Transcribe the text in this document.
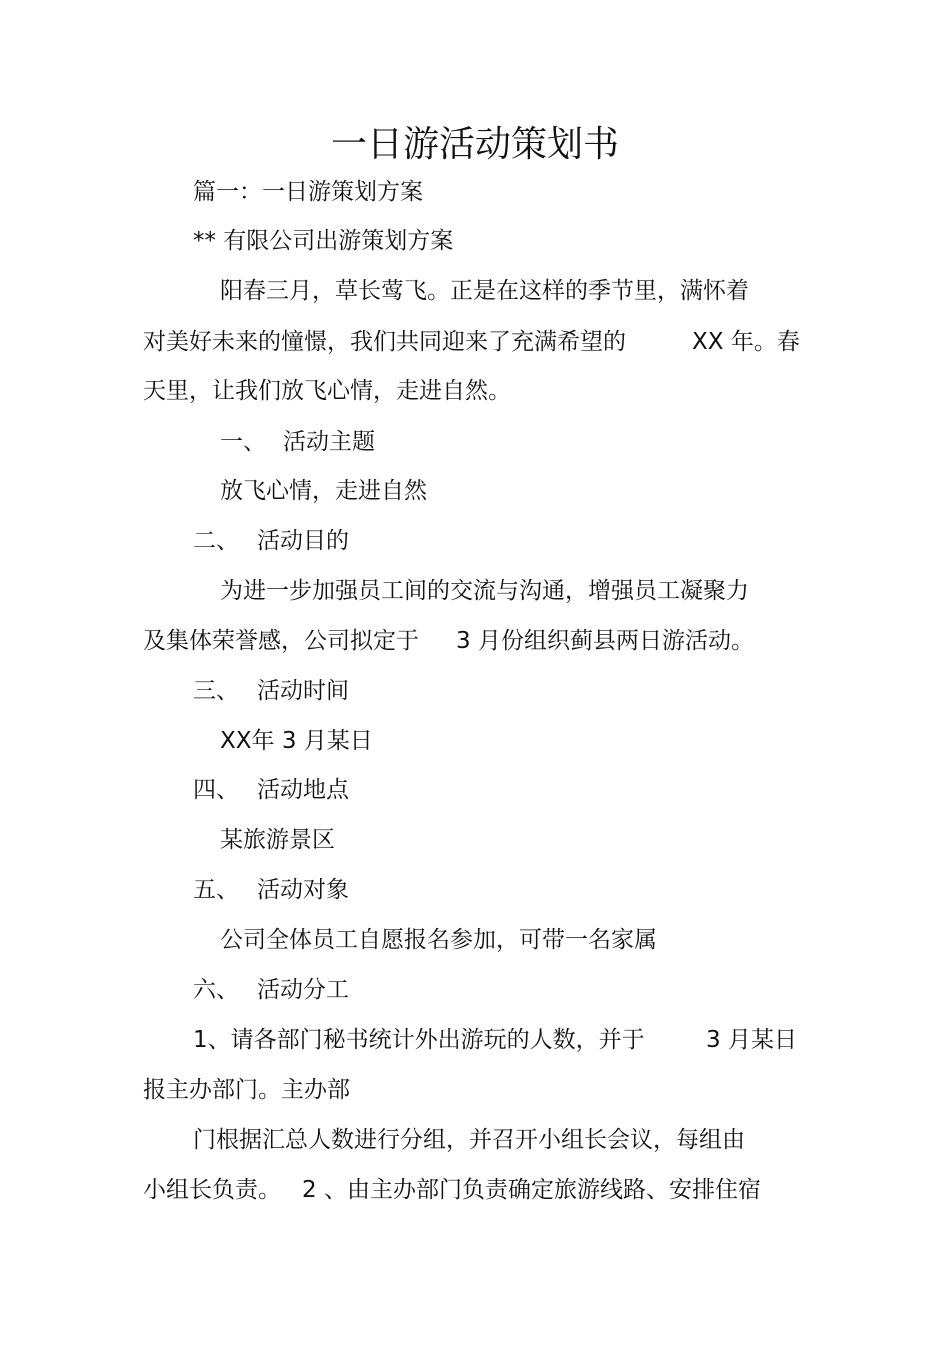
一日游活动策划书
篇一：一日游策划方案
** 有限公司出游策划方案
阳春三月，草长莺飞。正是在这样的季节里，满怀着
对美好未来的憧憬，我们共同迎来了充满希望的	XX 年。春
天里，让我们放飞心情，走进自然。
一、 活动主题
放飞心情，走进自然
二、 活动目的
为进一步加强员工间的交流与沟通，增强员工凝聚力
及集体荣誉感，公司拟定于 3 月份组织蓟县两日游活动。
三、 活动时间
XX年 3 月某日
四、 活动地点
某旅游景区
五、 活动对象
公司全体员工自愿报名参加，可带一名家属
六、 活动分工
1、请各部门秘书统计外出游玩的人数，并于	3 月某日
报主办部门。主办部
门根据汇总人数进行分组，并召开小组长会议，每组由
小组长负责。 2 、由主办部门负责确定旅游线路、安排住宿
